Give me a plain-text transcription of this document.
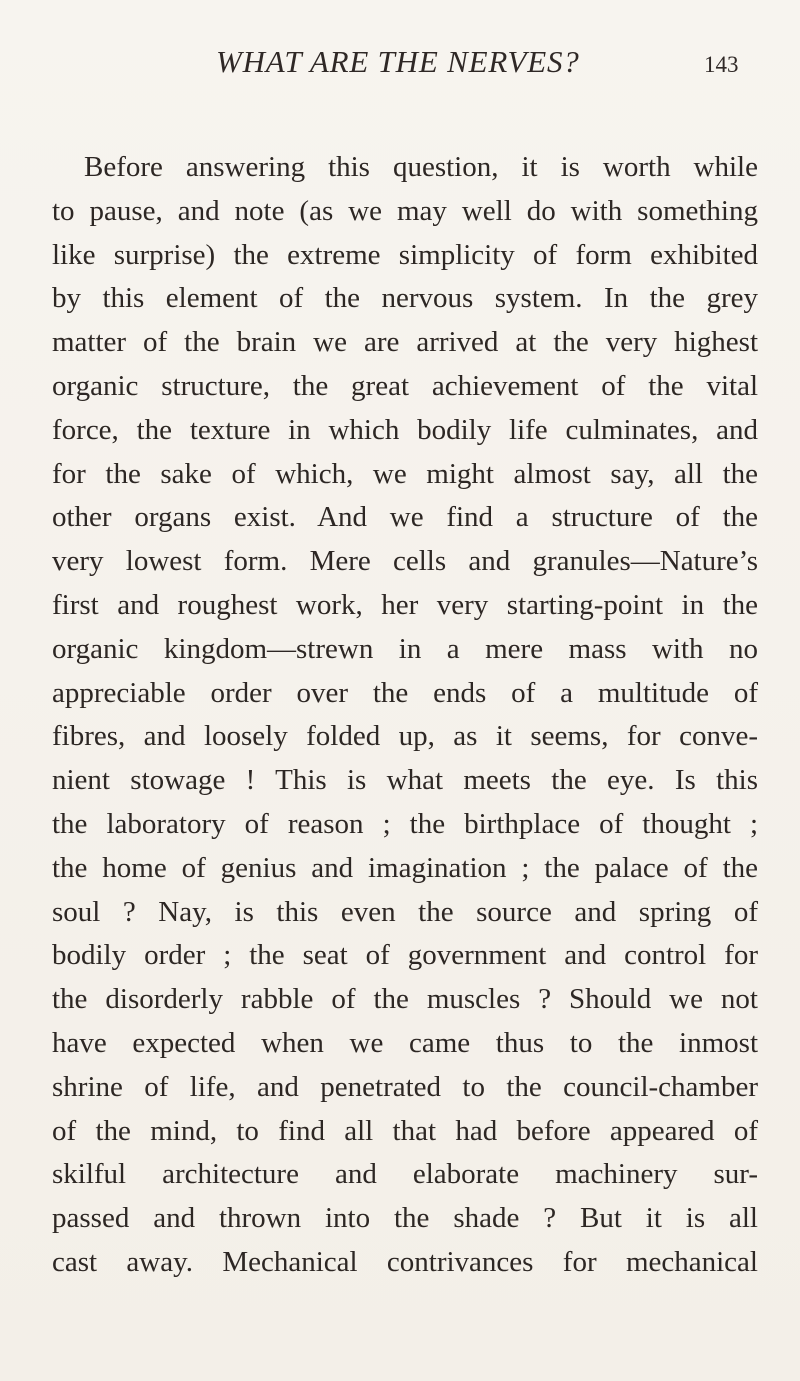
WHAT ARE THE NERVES?	143
Before answering this question, it is worth while
to pause, and note (as we may well do with something
like surprise) the extreme simplicity of form exhibited
by this element of the nervous system. In the grey
matter of the brain we are arrived at the very highest
organic structure, the great achievement of the vital
force, the texture in which bodily life culminates, and
for the sake of which, we might almost say, all the
other organs exist. And we find a structure of the
very lowest form. Mere cells and granules—Nature’s
first and roughest work, her very starting-point in the
organic kingdom—strewn in a mere mass with no
appreciable order over the ends of a multitude of
fibres, and loosely folded up, as it seems, for conve-
nient stowage ! This is what meets the eye. Is this
the laboratory of reason ; the birthplace of thought ;
the home of genius and imagination ; the palace of the
soul ? Nay, is this even the source and spring of
bodily order ; the seat of government and control for
the disorderly rabble of the muscles ? Should we not
have expected when we came thus to the inmost
shrine of life, and penetrated to the council-chamber
of the mind, to find all that had before appeared of
skilful architecture and elaborate machinery sur-
passed and thrown into the shade ? But it is all
cast away. Mechanical contrivances for mechanical
